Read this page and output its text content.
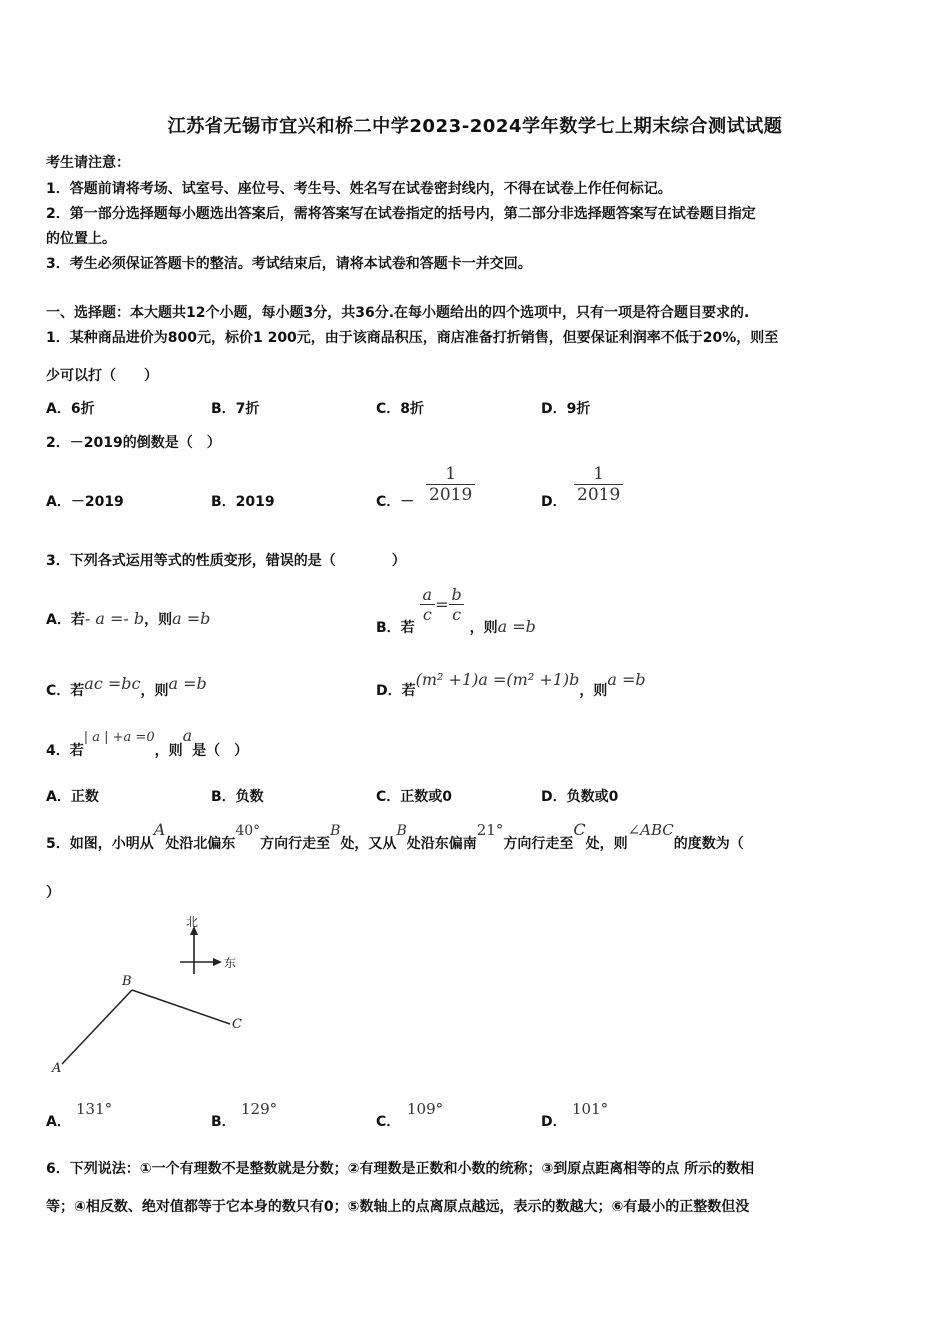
江苏省无锡市宜兴和桥二中学2023-2024学年数学七上期末综合测试试题
考生请注意：
1．答题前请将考场、试室号、座位号、考生号、姓名写在试卷密封线内，不得在试卷上作任何标记。
2．第一部分选择题每小题选出答案后，需将答案写在试卷指定的括号内，第二部分非选择题答案写在试卷题目指定
的位置上。
3．考生必须保证答题卡的整洁。考试结束后，请将本试卷和答题卡一并交回。
一、选择题：本大题共12个小题，每小题3分，共36分.在每小题给出的四个选项中，只有一项是符合题目要求的.
1．某种商品进价为800元，标价1 200元，由于该商品积压，商店准备打折销售，但要保证利润率不低于20%，则至
少可以打（　　）
A．6折	B．7折	C．8折	D．9折
2．－2019的倒数是（　）
A．－2019	B．2019	C．－ $\frac{1}{2019}$	D． $\frac{1}{2019}$
3．下列各式运用等式的性质变形，错误的是（　　　　）
A．若- a =- b，则a =b	B．若
$\frac{a}{c} = \frac{b}{c}$
，则a =b
C．若ac =bc，则a =b	D．若(m² +1)a =(m² +1)b，则a =b
4．若| a | +a =0，则a是（　）
A．正数	B．负数	C．正数或0	D．负数或0
5．如图，小明从A处沿北偏东40°方向行走至B处，又从B处沿东偏南21°方向行走至C处，则∠ABC的度数为（
）
北
东
A
B
C
A．
131°
B．
129°
C．
109°
D．
101°
6．下列说法：①一个有理数不是整数就是分数；②有理数是正数和小数的统称；③到原点距离相等的点 所示的数相
等；④相反数、绝对值都等于它本身的数只有0；⑤数轴上的点离原点越远，表示的数越大；⑥有最小的正整数但没
